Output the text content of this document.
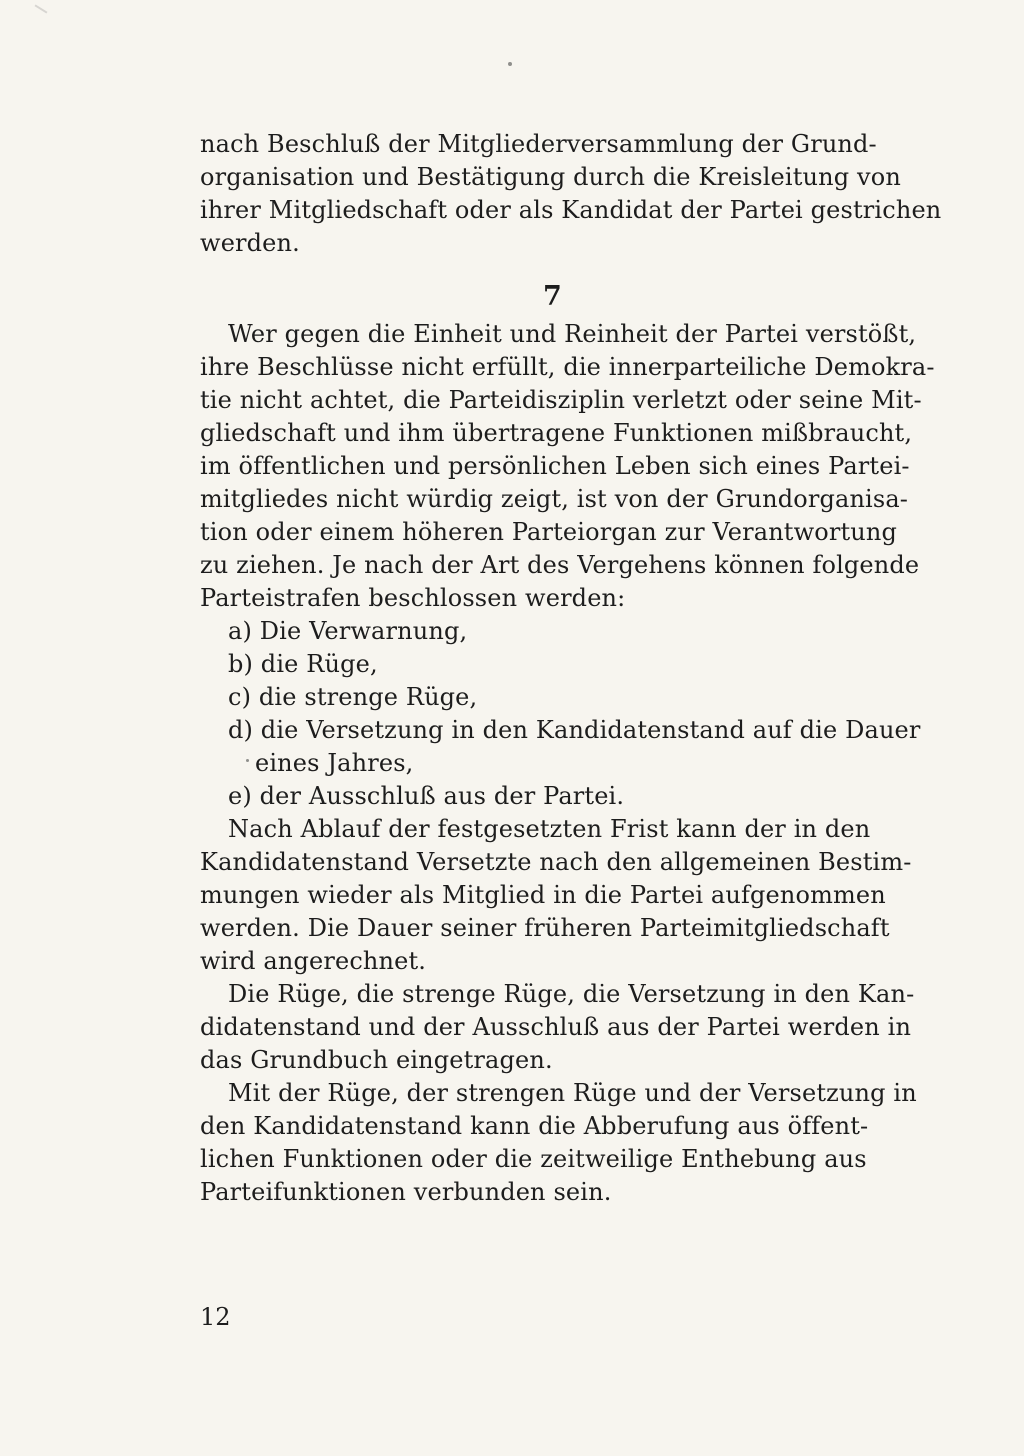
nach Beschluß der Mitgliederversammlung der Grund-
organisation und Bestätigung durch die Kreisleitung von
ihrer Mitgliedschaft oder als Kandidat der Partei gestrichen
werden.
7
Wer gegen die Einheit und Reinheit der Partei verstößt,
ihre Beschlüsse nicht erfüllt, die innerparteiliche Demokra-
tie nicht achtet, die Parteidisziplin verletzt oder seine Mit-
gliedschaft und ihm übertragene Funktionen mißbraucht,
im öffentlichen und persönlichen Leben sich eines Partei-
mitgliedes nicht würdig zeigt, ist von der Grundorganisa-
tion oder einem höheren Parteiorgan zur Verantwortung
zu ziehen. Je nach der Art des Vergehens können folgende
Parteistrafen beschlossen werden:
a) Die Verwarnung,
b) die Rüge,
c) die strenge Rüge,
d) die Versetzung in den Kandidatenstand auf die Dauer
eines Jahres,
e) der Ausschluß aus der Partei.
Nach Ablauf der festgesetzten Frist kann der in den
Kandidatenstand Versetzte nach den allgemeinen Bestim-
mungen wieder als Mitglied in die Partei aufgenommen
werden. Die Dauer seiner früheren Parteimitgliedschaft
wird angerechnet.
Die Rüge, die strenge Rüge, die Versetzung in den Kan-
didatenstand und der Ausschluß aus der Partei werden in
das Grundbuch eingetragen.
Mit der Rüge, der strengen Rüge und der Versetzung in
den Kandidatenstand kann die Abberufung aus öffent-
lichen Funktionen oder die zeitweilige Enthebung aus
Parteifunktionen verbunden sein.
12
